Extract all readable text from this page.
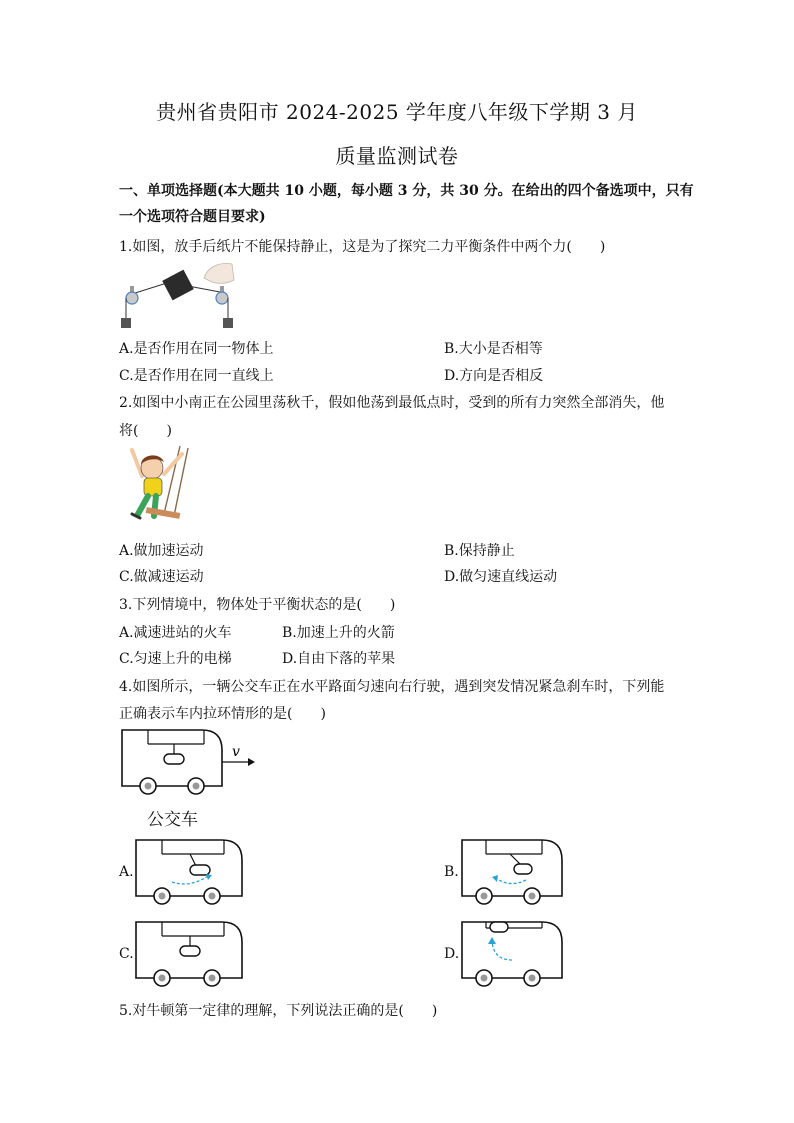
贵州省贵阳市 2024-2025 学年度八年级下学期 3 月
质量监测试卷
一、单项选择题(本大题共 10 小题，每小题 3 分，共 30 分。在给出的四个备选项中，只有
一个选项符合题目要求)
1.如图，放手后纸片不能保持静止，这是为了探究二力平衡条件中两个力(　　)
A.是否作用在同一物体上	B.大小是否相等
C.是否作用在同一直线上	D.方向是否相反
2.如图中小南正在公园里荡秋千，假如他荡到最低点时，受到的所有力突然全部消失，他
将(　　)
A.做加速运动	B.保持静止
C.做减速运动	D.做匀速直线运动
3.下列情境中，物体处于平衡状态的是(　　)
A.减速进站的火车	B.加速上升的火箭
C.匀速上升的电梯	D.自由下落的苹果
4.如图所示，一辆公交车正在水平路面匀速向右行驶，遇到突发情况紧急刹车时，下列能
正确表示车内拉环情形的是(　　)
v
公交车
A.	B.
C.	D.
5.对牛顿第一定律的理解，下列说法正确的是(　　)
